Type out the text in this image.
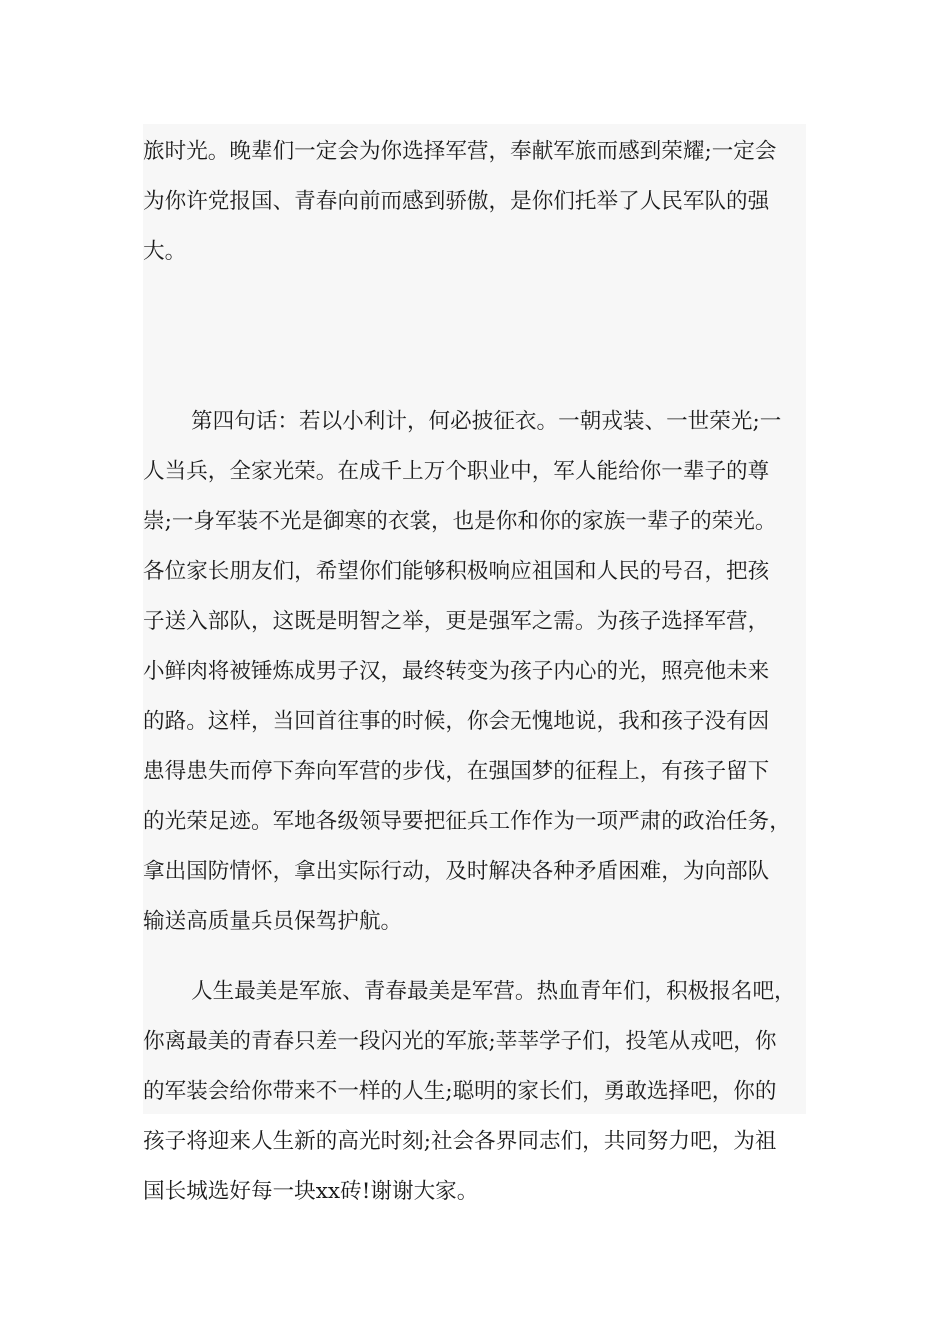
旅时光。晚辈们一定会为你选择军营，奉献军旅而感到荣耀;一定会
为你许党报国、青春向前而感到骄傲，是你们托举了人民军队的强
大。
第四句话：若以小利计，何必披征衣。一朝戎装、一世荣光;一
人当兵，全家光荣。在成千上万个职业中，军人能给你一辈子的尊
崇;一身军装不光是御寒的衣裳，也是你和你的家族一辈子的荣光。
各位家长朋友们，希望你们能够积极响应祖国和人民的号召，把孩
子送入部队，这既是明智之举，更是强军之需。为孩子选择军营，
小鲜肉将被锤炼成男子汉，最终转变为孩子内心的光，照亮他未来
的路。这样，当回首往事的时候，你会无愧地说，我和孩子没有因
患得患失而停下奔向军营的步伐，在强国梦的征程上，有孩子留下
的光荣足迹。军地各级领导要把征兵工作作为一项严肃的政治任务，
拿出国防情怀，拿出实际行动，及时解决各种矛盾困难，为向部队
输送高质量兵员保驾护航。
人生最美是军旅、青春最美是军营。热血青年们，积极报名吧，
你离最美的青春只差一段闪光的军旅;莘莘学子们，投笔从戎吧，你
的军装会给你带来不一样的人生;聪明的家长们，勇敢选择吧，你的
孩子将迎来人生新的高光时刻;社会各界同志们，共同努力吧，为祖
国长城选好每一块xx砖!谢谢大家。
